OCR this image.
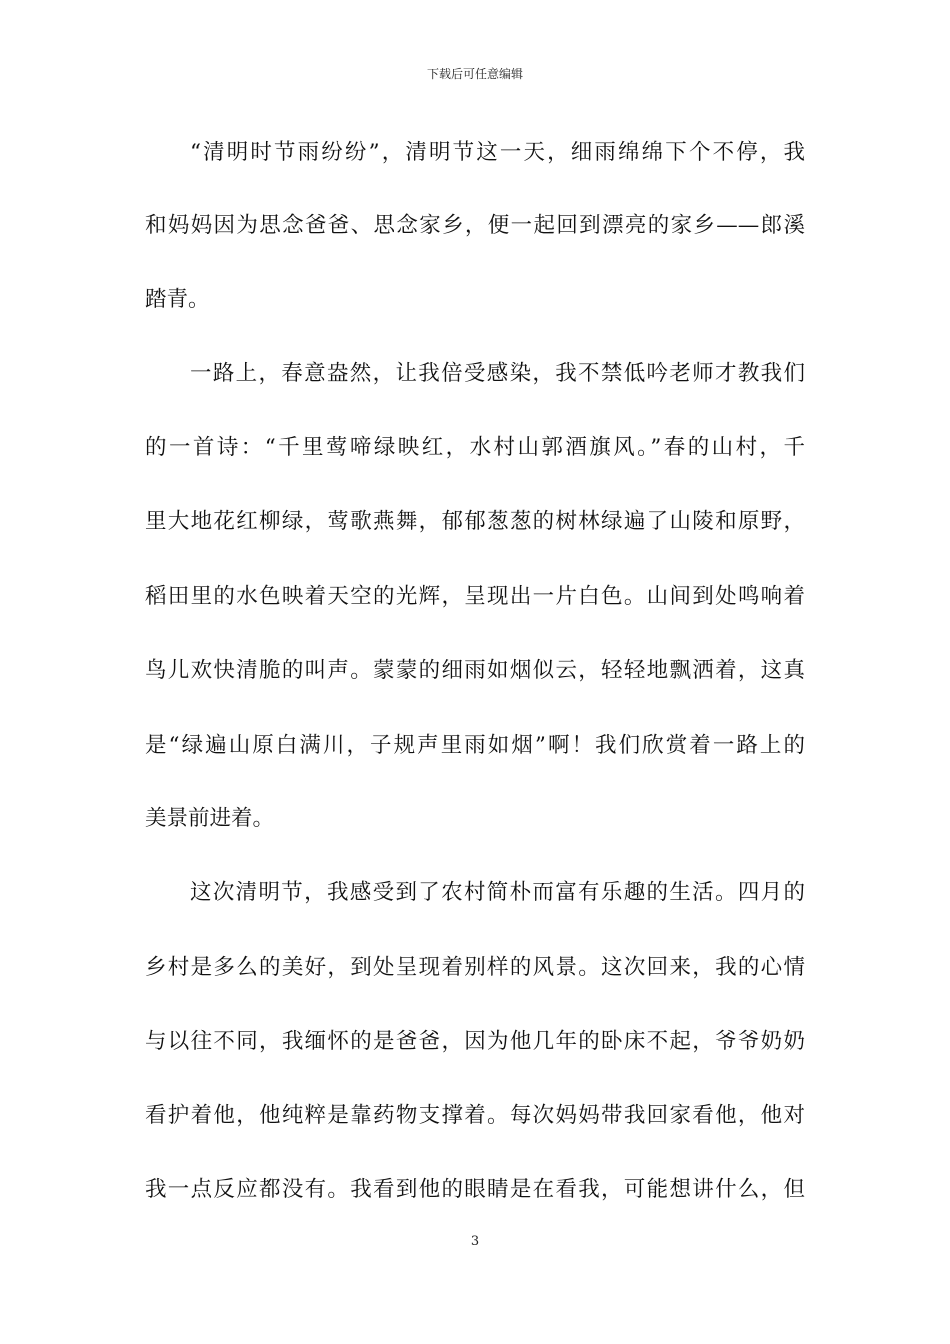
下载后可任意编辑
“清明时节雨纷纷”，清明节这一天，细雨绵绵下个不停，我
和妈妈因为思念爸爸、思念家乡，便一起回到漂亮的家乡——郎溪
踏青。
一路上，春意盎然，让我倍受感染，我不禁低吟老师才教我们
的一首诗：“千里莺啼绿映红，水村山郭酒旗风。”春的山村，千
里大地花红柳绿，莺歌燕舞，郁郁葱葱的树林绿遍了山陵和原野，
稻田里的水色映着天空的光辉，呈现出一片白色。山间到处鸣响着
鸟儿欢快清脆的叫声。蒙蒙的细雨如烟似云，轻轻地飘洒着，这真
是“绿遍山原白满川，子规声里雨如烟”啊！我们欣赏着一路上的
美景前进着。
这次清明节，我感受到了农村简朴而富有乐趣的生活。四月的
乡村是多么的美好，到处呈现着别样的风景。这次回来，我的心情
与以往不同，我缅怀的是爸爸，因为他几年的卧床不起，爷爷奶奶
看护着他，他纯粹是靠药物支撑着。每次妈妈带我回家看他，他对
我一点反应都没有。我看到他的眼睛是在看我，可能想讲什么，但
3
